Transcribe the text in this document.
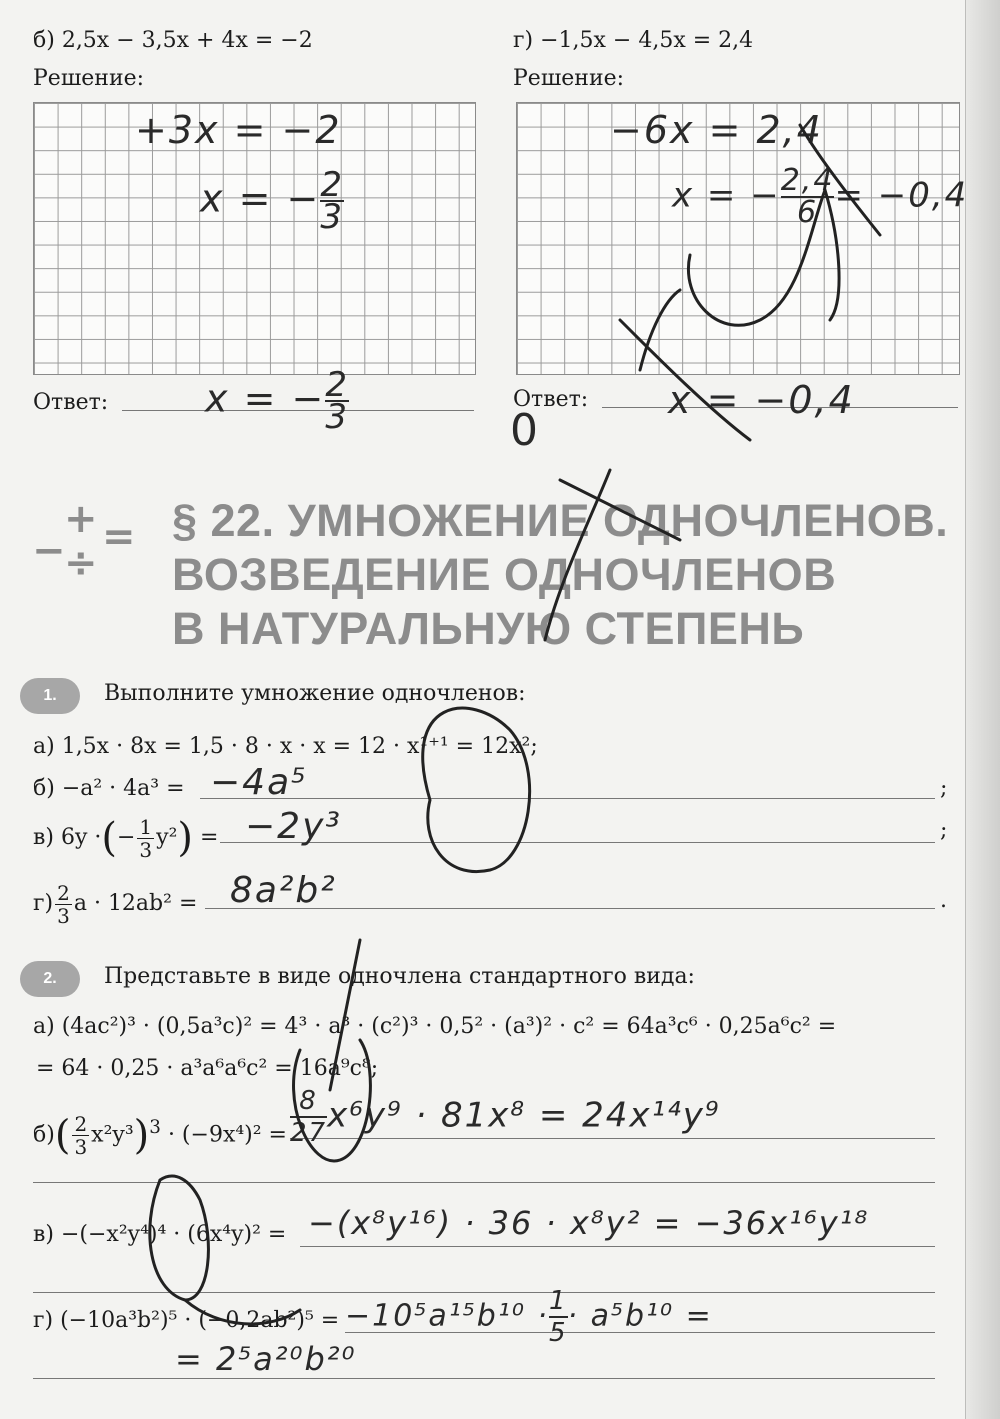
б) 2,5x − 3,5x + 4x = −2
Решение:
+3x = −2
x = − $\frac{2}{3}$
Ответ:	x = − $\frac{2}{3}$
г) −1,5x − 4,5x = 2,4
Решение:
−6x = 2,4
x = − $\frac{2,4}{6} = -0,4$
Ответ: x = −0,4
0
−
+
÷
= § 22. УМНОЖЕНИЕ ОДНОЧЛЕНОВ.
ВОЗВЕДЕНИЕ ОДНОЧЛЕНОВ
В НАТУРАЛЬНУЮ СТЕПЕНЬ
1.	Выполните умножение одночленов:
а) 1,5x · 8x = 1,5 · 8 · x · x = 12 · x¹⁺¹ = 12x²;
б) −a² · 4a³ = −4a⁵	;
в) 6y ·(− $\frac{1}{3} y^2) = -2y^3$	;
$г) \frac{2}{3}$ a · 12ab² = 8a²b²	.
2.	Представьте в виде одночлена стандартного вида:
а) (4ac²)³ · (0,5a³c)² = 4³ · a³ · (c²)³ · 0,5² · (a³)² · c² = 64a³c⁶ · 0,25a⁶c² =
= 64 · 0,25 · a³a⁶a⁶c² = 16a⁹c⁸;
$б)( \frac{2}{3} x^2y^3)^3 \cdot (-9x^4)^2 = \frac{8}{27} x^6y^9 \cdot 81x^8 = 24x^{14}y^9$
в) −(−x²y⁴)⁴ · (6x⁴y)² = −(x⁸y¹⁶) · 36 · x⁸y² = −36x¹⁶y¹⁸
г) $(-10a^3b^2)^5 \cdot (-0,2ab^2)^5 = -10^5a^{15}b^{10} \cdot \frac{1}{5} \cdot a^5b^{10}$ =
= 2⁵a²⁰b²⁰
